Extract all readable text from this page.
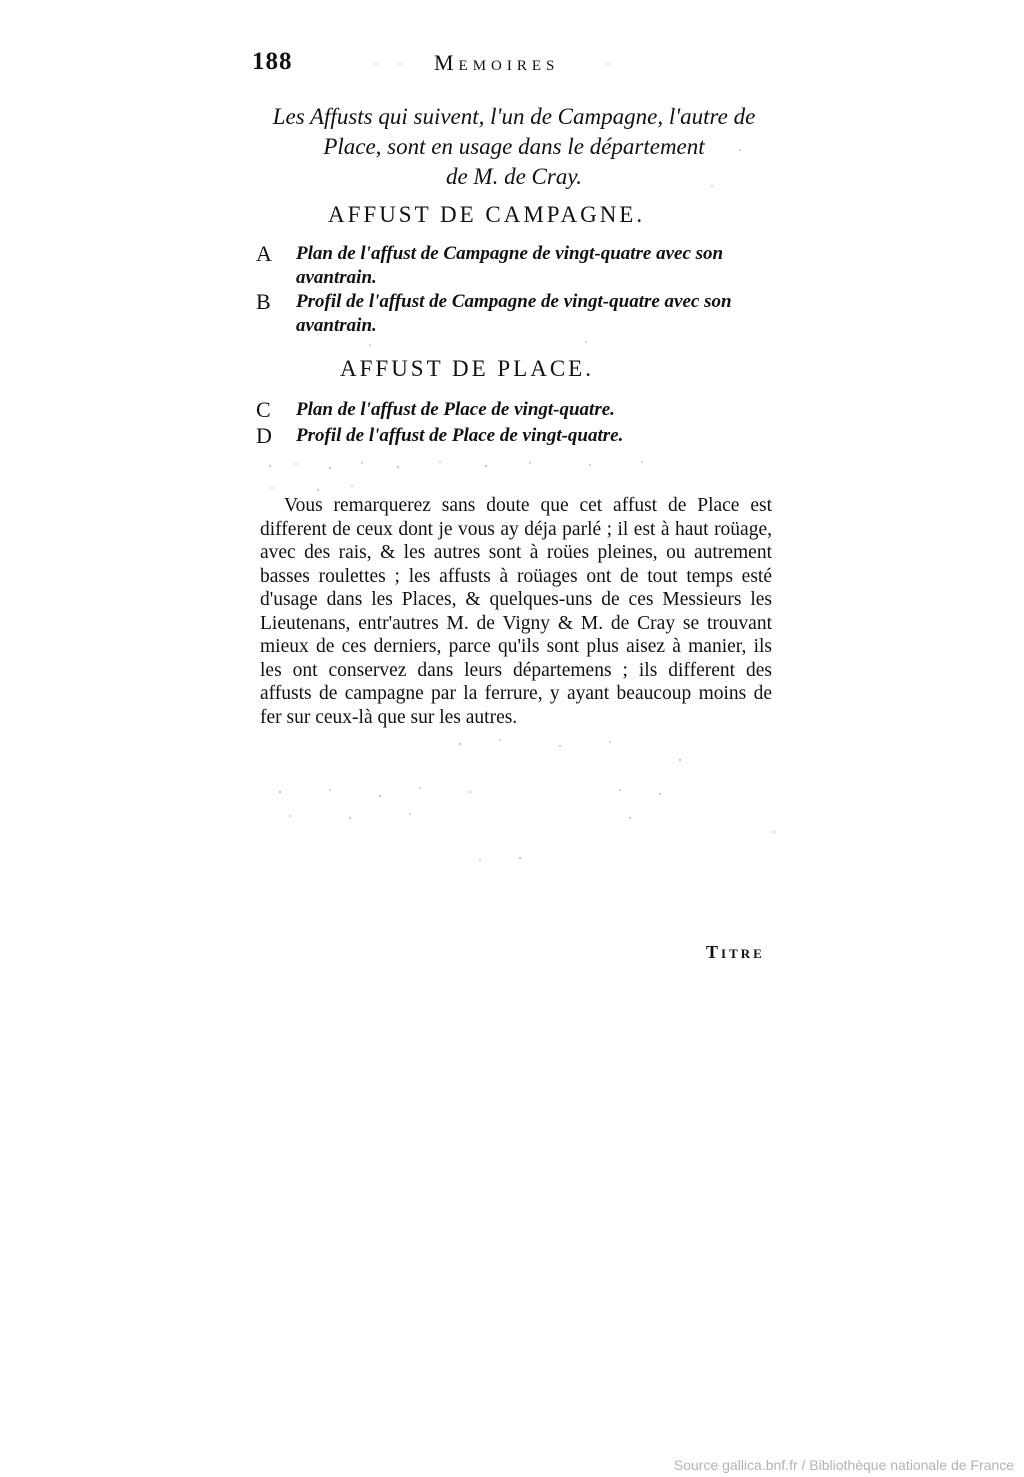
188	Memoires
Les Affusts qui suivent, l'un de Campagne, l'autre de
Place, sont en usage dans le département
de M. de Cray.
AFFUST DE CAMPAGNE.
A Plan de l'affust de Campagne de vingt-quatre avec son avantrain.
B Profil de l'affust de Campagne de vingt-quatre avec son avantrain.
AFFUST DE PLACE.
C Plan de l'affust de Place de vingt-quatre.
D Profil de l'affust de Place de vingt-quatre.
Vous remarquerez sans doute que cet affust de Place est different de ceux dont je vous ay déja parlé ; il est à haut roüage, avec des rais, & les autres sont à roües pleines, ou autrement basses roulettes ; les affusts à roüages ont de tout temps esté d'usage dans les Places, & quelques-uns de ces Messieurs les Lieutenans, entr'autres M. de Vigny & M. de Cray se trouvant mieux de ces derniers, parce qu'ils sont plus aisez à manier, ils les ont conservez dans leurs départemens ; ils different des affusts de campagne par la ferrure, y ayant beaucoup moins de fer sur ceux-là que sur les autres.
Titre
Source gallica.bnf.fr / Bibliothèque nationale de France
